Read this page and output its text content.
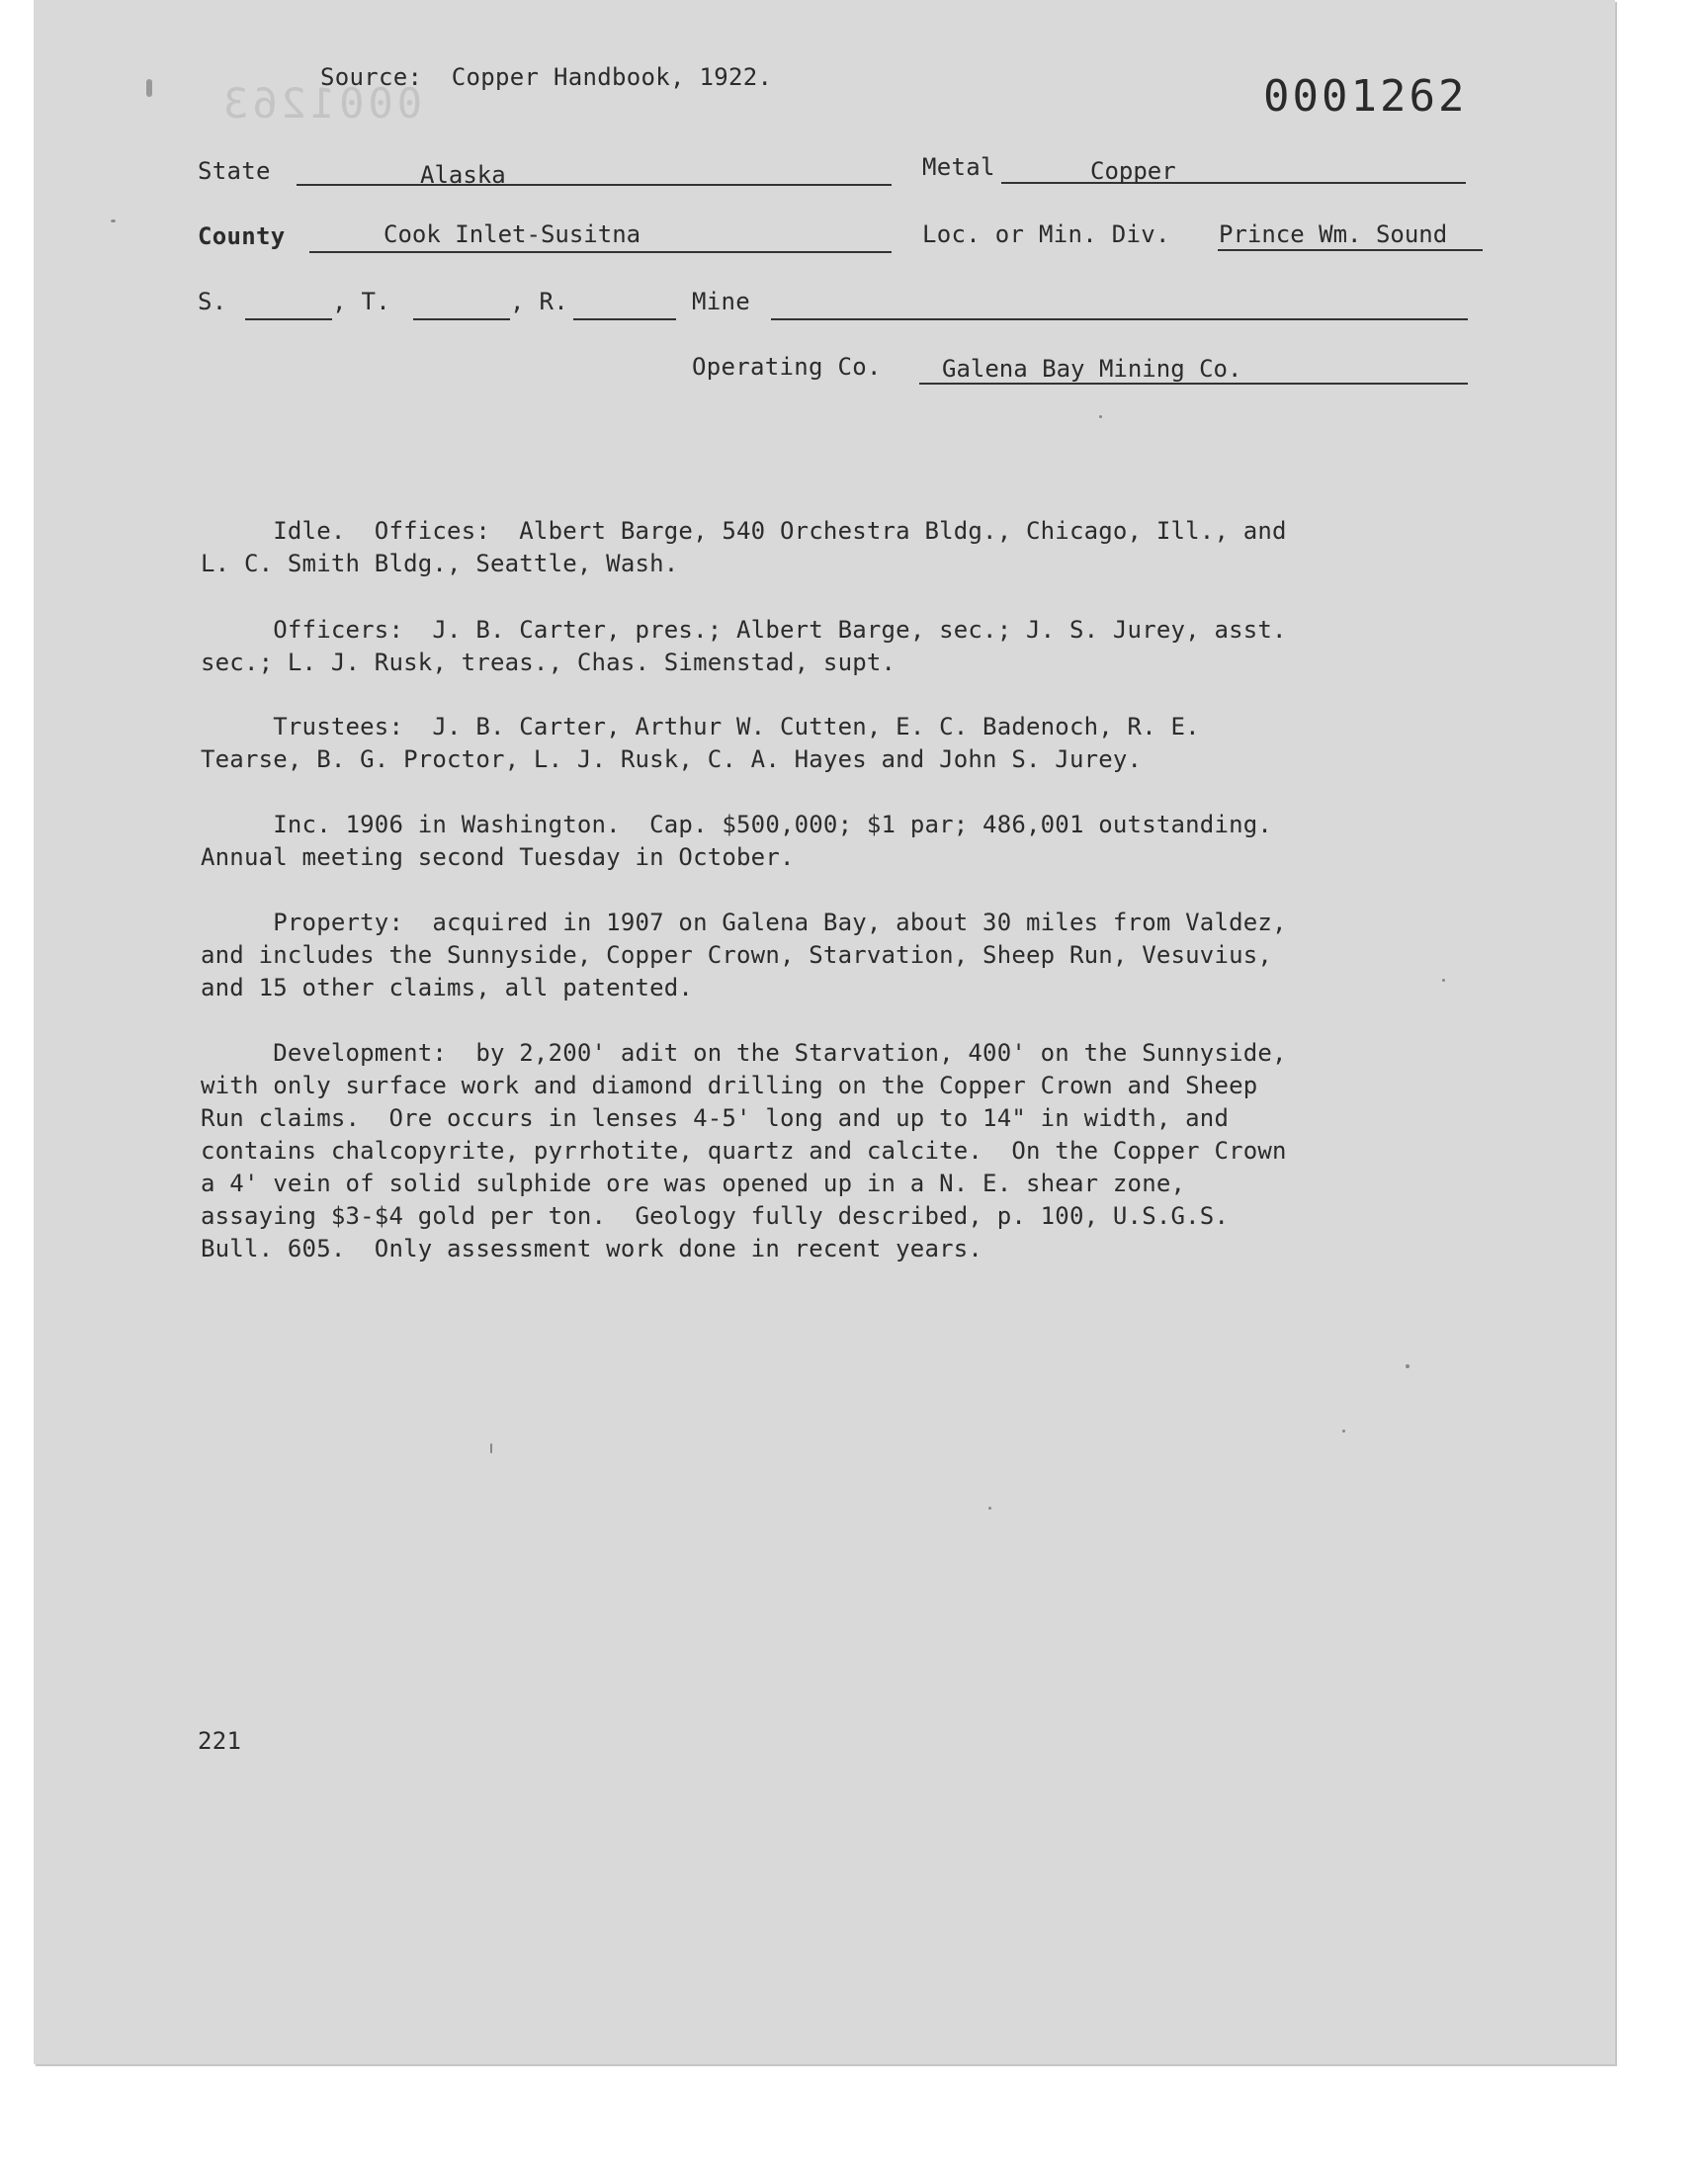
0001263
Source:  Copper Handbook, 1922.	0001262
State	Alaska	Metal	Copper
County	Cook Inlet-Susitna	Loc. or Min. Div. Prince Wm. Sound
S.	, T.	, R.	Mine
Operating Co.	Galena Bay Mining Co.
Idle.  Offices:  Albert Barge, 540 Orchestra Bldg., Chicago, Ill., and
L. C. Smith Bldg., Seattle, Wash.
Officers:  J. B. Carter, pres.; Albert Barge, sec.; J. S. Jurey, asst.
sec.; L. J. Rusk, treas., Chas. Simenstad, supt.
Trustees:  J. B. Carter, Arthur W. Cutten, E. C. Badenoch, R. E.
Tearse, B. G. Proctor, L. J. Rusk, C. A. Hayes and John S. Jurey.
Inc. 1906 in Washington.  Cap. $500,000; $1 par; 486,001 outstanding.
Annual meeting second Tuesday in October.
Property:  acquired in 1907 on Galena Bay, about 30 miles from Valdez,
and includes the Sunnyside, Copper Crown, Starvation, Sheep Run, Vesuvius,
and 15 other claims, all patented.
Development:  by 2,200' adit on the Starvation, 400' on the Sunnyside,
with only surface work and diamond drilling on the Copper Crown and Sheep
Run claims.  Ore occurs in lenses 4-5' long and up to 14" in width, and
contains chalcopyrite, pyrrhotite, quartz and calcite.  On the Copper Crown
a 4' vein of solid sulphide ore was opened up in a N. E. shear zone,
assaying $3-$4 gold per ton.  Geology fully described, p. 100, U.S.G.S.
Bull. 605.  Only assessment work done in recent years.
221
